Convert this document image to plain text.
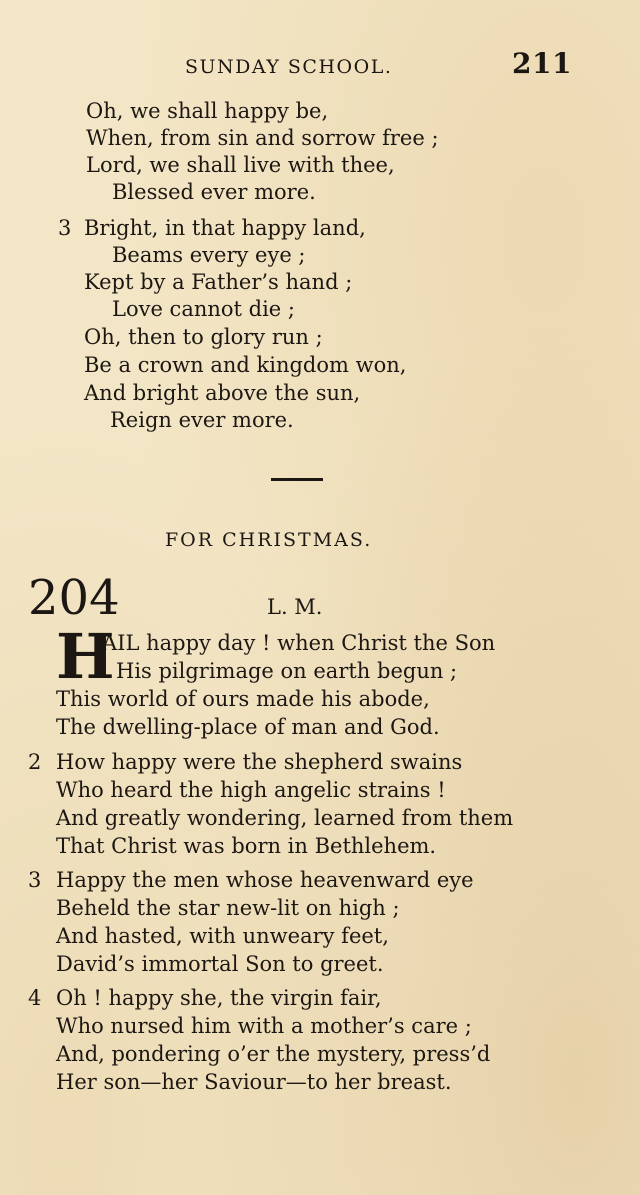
SUNDAY SCHOOL.	211
Oh, we shall happy be,
When, from sin and sorrow free ;
Lord, we shall live with thee,
Blessed ever more.
3 Bright, in that happy land,
Beams every eye ;
Kept by a Father’s hand ;
Love cannot die ;
Oh, then to glory run ;
Be a crown and kingdom won,
And bright above the sun,
Reign ever more.
FOR CHRISTMAS.
204	L. M.
H
AIL happy day ! when Christ the Son
His pilgrimage on earth begun ;
This world of ours made his abode,
The dwelling-place of man and God.
2 How happy were the shepherd swains
Who heard the high angelic strains !
And greatly wondering, learned from them
That Christ was born in Bethlehem.
3 Happy the men whose heavenward eye
Beheld the star new-lit on high ;
And hasted, with unweary feet,
David’s immortal Son to greet.
4 Oh ! happy she, the virgin fair,
Who nursed him with a mother’s care ;
And, pondering o’er the mystery, press’d
Her son—her Saviour—to her breast.
